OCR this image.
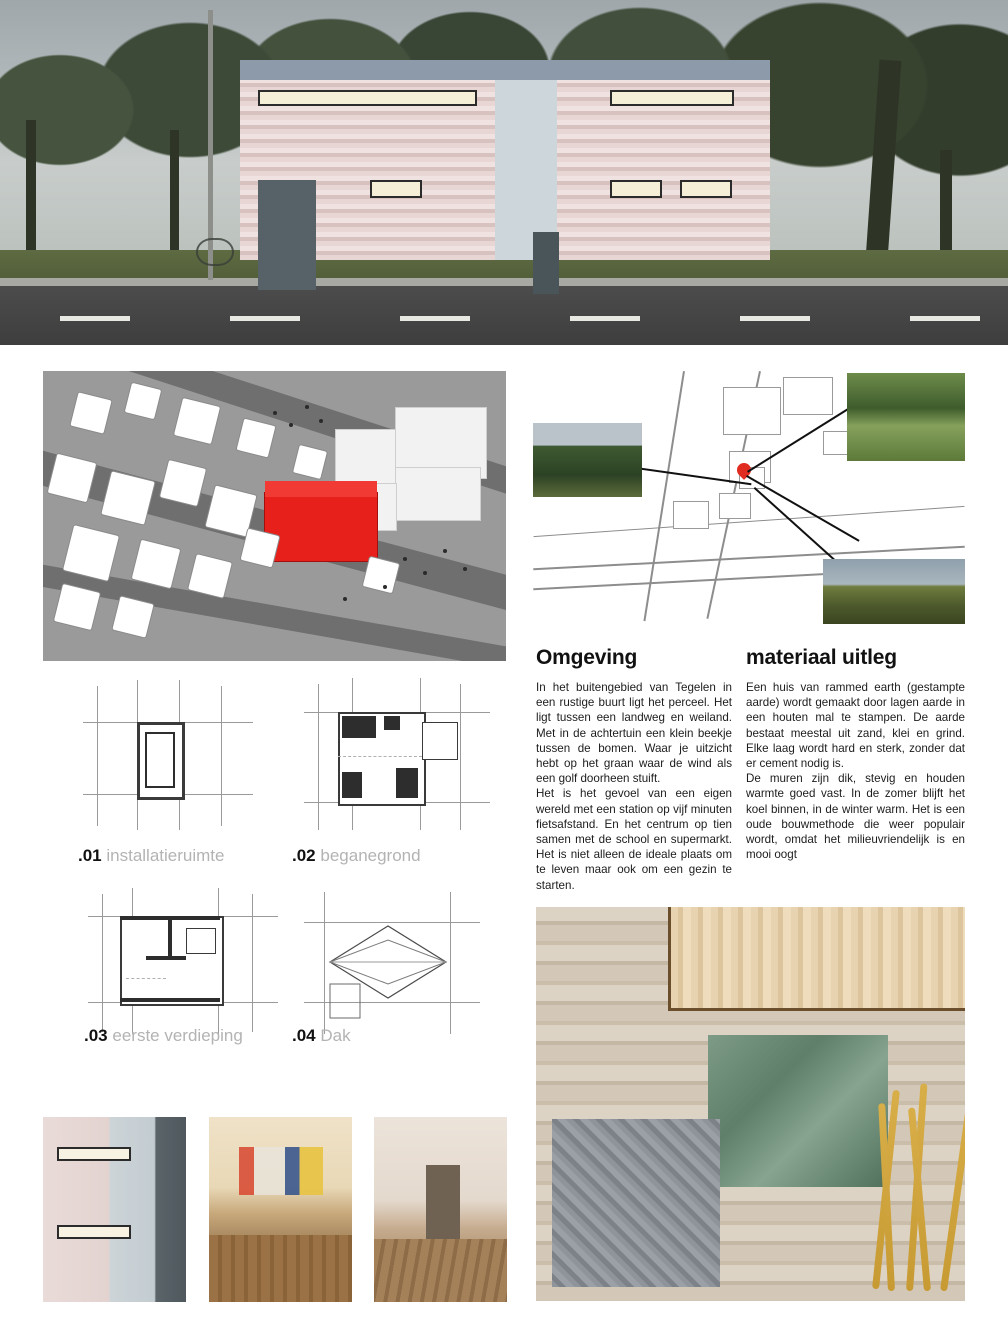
Omgeving

In het buitengebied van Tegelen in een rustige buurt ligt het perceel. Het ligt tussen een landweg en weiland. Met in de achtertuin een klein beekje tussen de bomen. Waar je uitzicht hebt op het graan waar de wind als een golf doorheen stuift.

Het is het gevoel van een eigen wereld met een station op vijf minuten fietsafstand. En het centrum op tien samen met de school en supermarkt. Het is niet alleen de ideale plaats om te leven maar ook om een gezin te starten.

materiaal uitleg

Een huis van rammed earth (gestampte aarde) wordt gemaakt door lagen aarde in een houten mal te stampen. De aarde bestaat meestal uit zand, klei en grind. Elke laag wordt hard en sterk, zonder dat er cement nodig is.

De muren zijn dik, stevig en houden warmte goed vast. In de zomer blijft het koel binnen, in de winter warm. Het is een oude bouwmethode die weer populair wordt, omdat het milieuvriendelijk is en mooi oogt

.01 installatieruimte	.02 beganegrond
.03 eerste verdieping	.04 Dak
